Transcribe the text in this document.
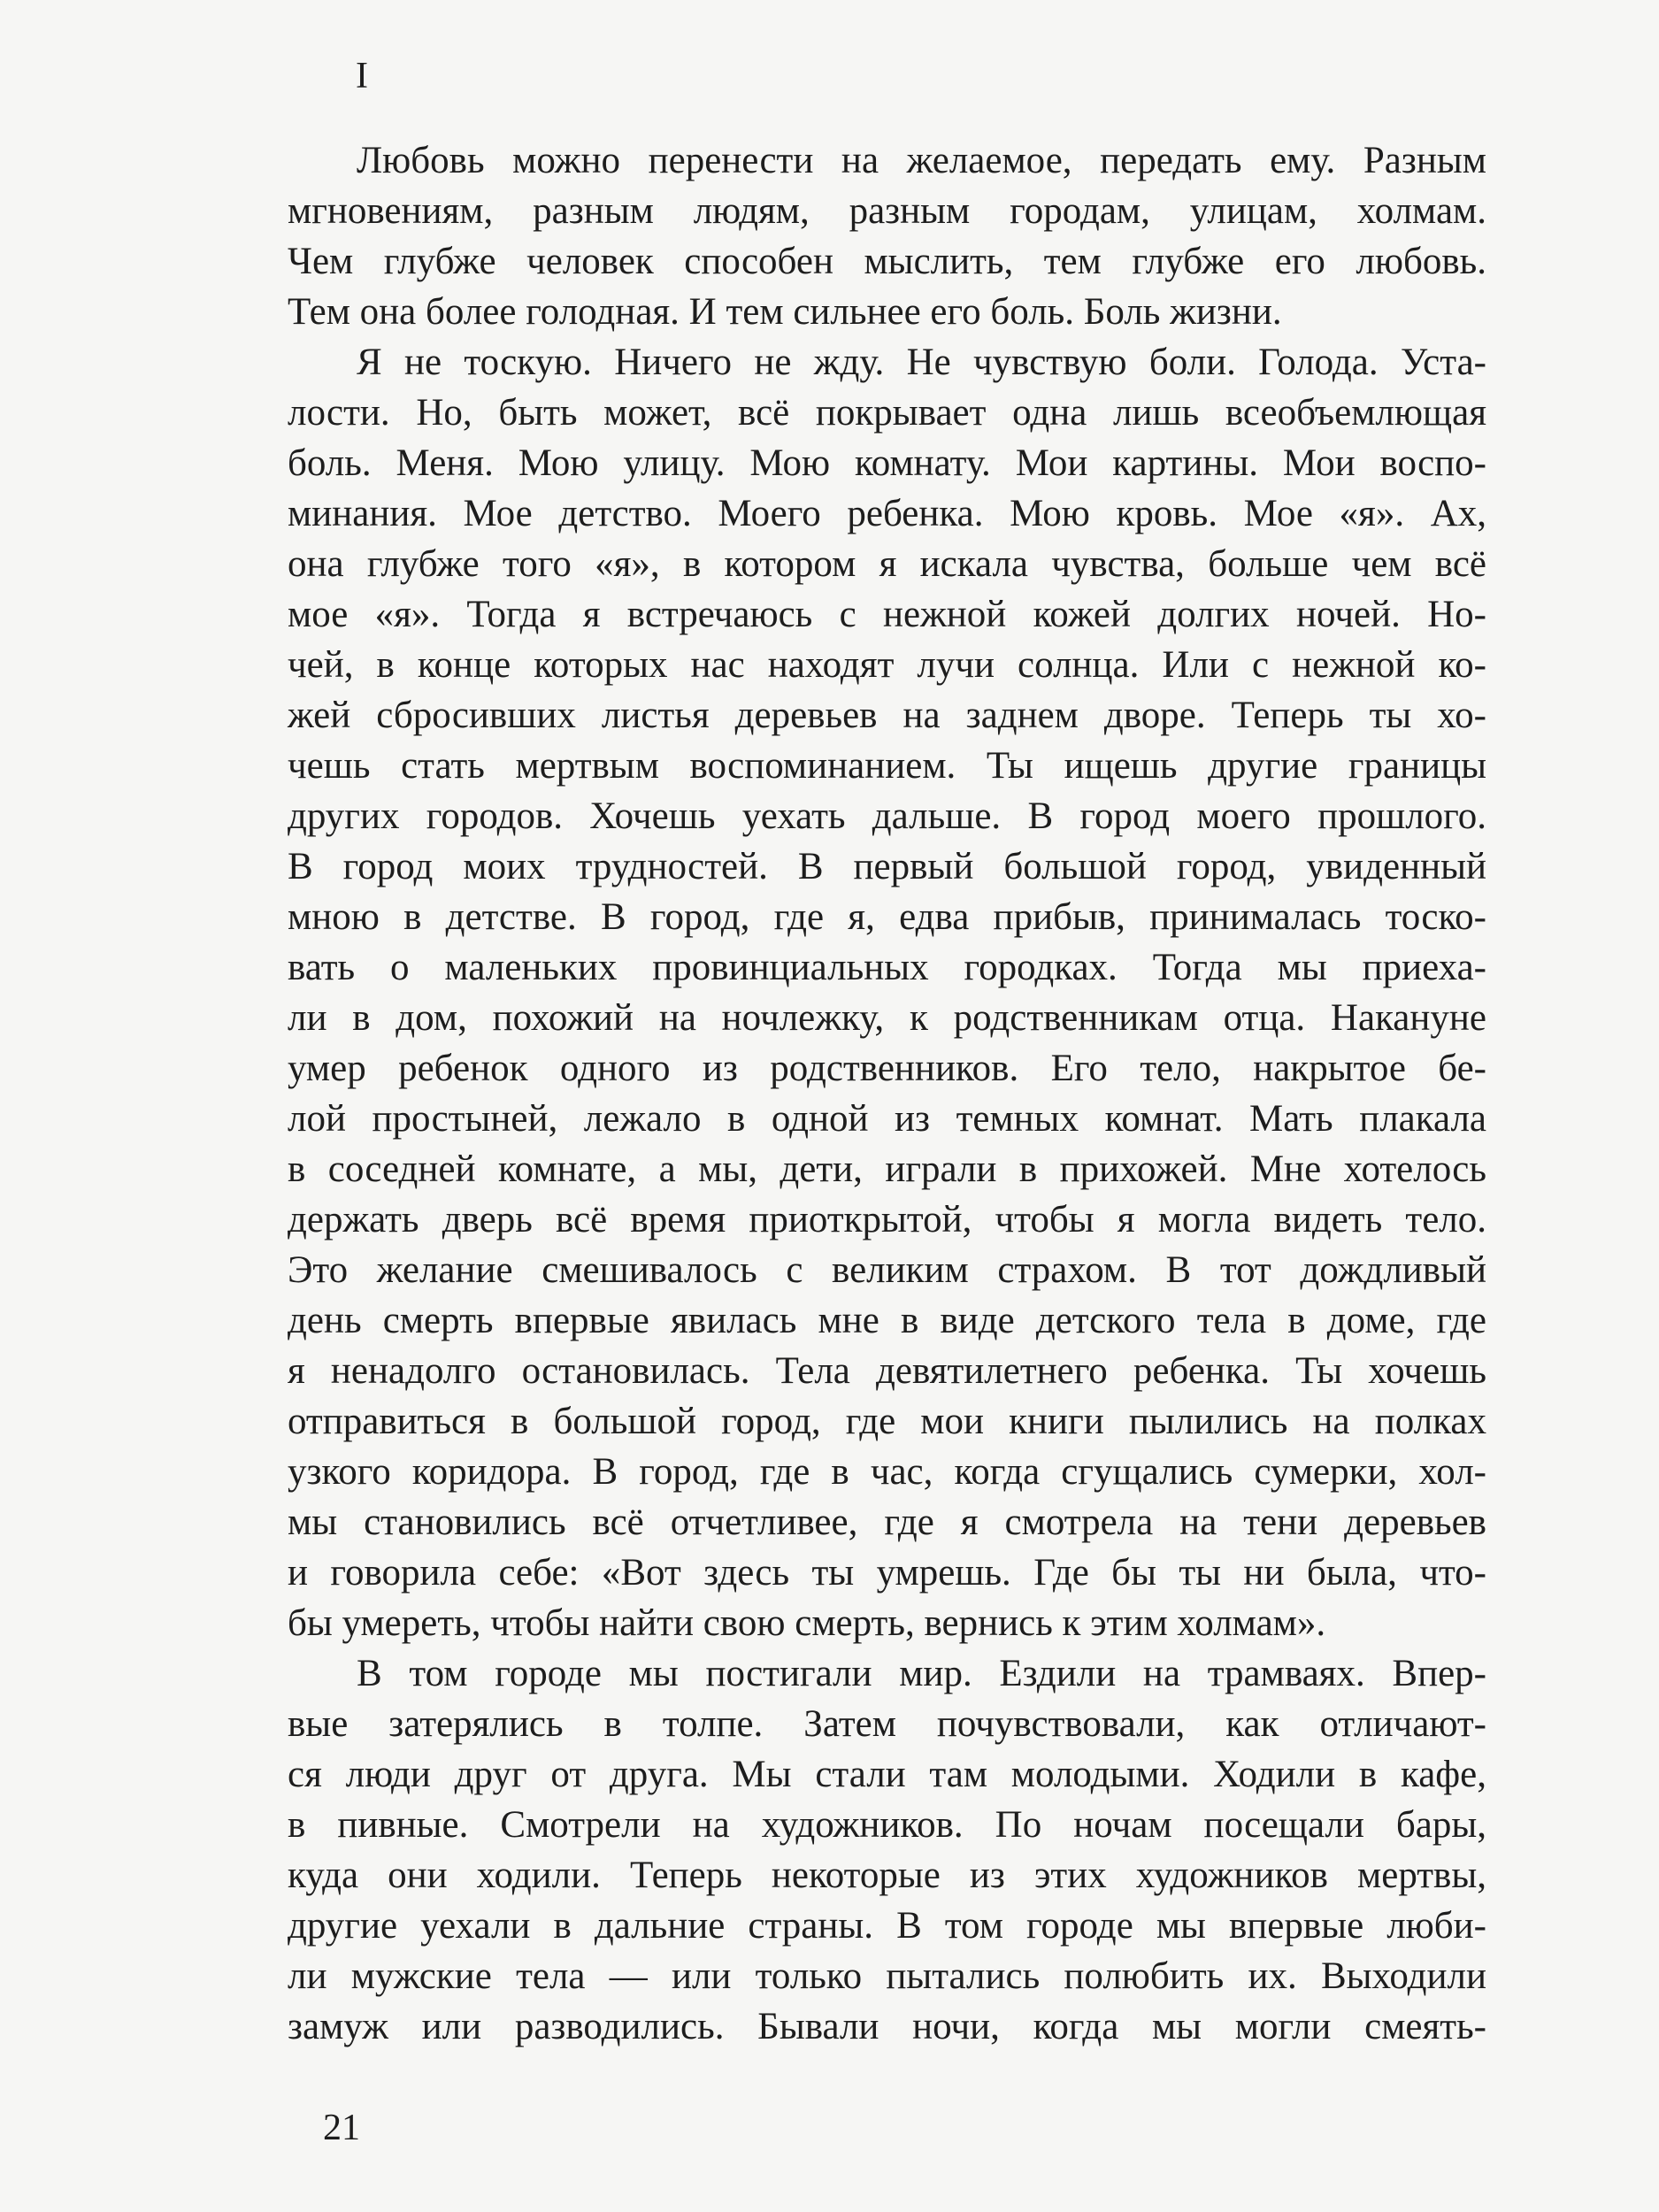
I
Любовь можно перенести на желаемое, передать ему. Разным
мгновениям, разным людям, разным городам, улицам, холмам.
Чем глубже человек способен мыслить, тем глубже его любовь.
Тем она более голодная. И тем сильнее его боль. Боль жизни.
Я не тоскую. Ничего не жду. Не чувствую боли. Голода. Уста-
лости. Но, быть может, всё покрывает одна лишь всеобъемлющая
боль. Меня. Мою улицу. Мою комнату. Мои картины. Мои воспо-
минания. Мое детство. Моего ребенка. Мою кровь. Мое «я». Ах,
она глубже того «я», в котором я искала чувства, больше чем всё
мое «я». Тогда я встречаюсь с нежной кожей долгих ночей. Но-
чей, в конце которых нас находят лучи солнца. Или с нежной ко-
жей сбросивших листья деревьев на заднем дворе. Теперь ты хо-
чешь стать мертвым воспоминанием. Ты ищешь другие границы
других городов. Хочешь уехать дальше. В город моего прошлого.
В город моих трудностей. В первый большой город, увиденный
мною в детстве. В город, где я, едва прибыв, принималась тоско-
вать о маленьких провинциальных городках. Тогда мы приеха-
ли в дом, похожий на ночлежку, к родственникам отца. Накануне
умер ребенок одного из родственников. Его тело, накрытое бе-
лой простыней, лежало в одной из темных комнат. Мать плакала
в соседней комнате, а мы, дети, играли в прихожей. Мне хотелось
держать дверь всё время приоткрытой, чтобы я могла видеть тело.
Это желание смешивалось с великим страхом. В тот дождливый
день смерть впервые явилась мне в виде детского тела в доме, где
я ненадолго остановилась. Тела девятилетнего ребенка. Ты хочешь
отправиться в большой город, где мои книги пылились на полках
узкого коридора. В город, где в час, когда сгущались сумерки, хол-
мы становились всё отчетливее, где я смотрела на тени деревьев
и говорила себе: «Вот здесь ты умрешь. Где бы ты ни была, что-
бы умереть, чтобы найти свою смерть, вернись к этим холмам».
В том городе мы постигали мир. Ездили на трамваях. Впер-
вые затерялись в толпе. Затем почувствовали, как отличают-
ся люди друг от друга. Мы стали там молодыми. Ходили в кафе,
в пивные. Смотрели на художников. По ночам посещали бары,
куда они ходили. Теперь некоторые из этих художников мертвы,
другие уехали в дальние страны. В том городе мы впервые люби-
ли мужские тела — или только пытались полюбить их. Выходили
замуж или разводились. Бывали ночи, когда мы могли смеять-
21
